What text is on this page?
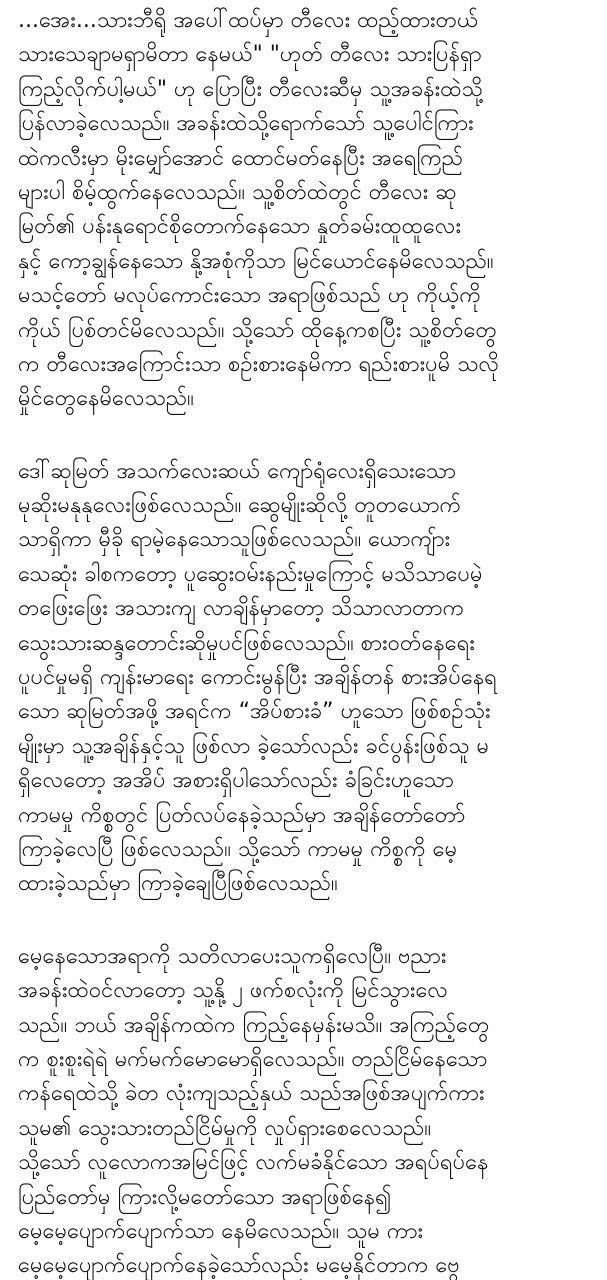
...အေး...သားဘီရို အပေါ်ထပ်မှာ တီလေး ထည့်ထားတယ်
သားသေချာမရှာမိတာ နေမယ်" "ဟုတ် တီလေး သားပြန်ရှာ
ကြည့်လိုက်ပါ့မယ်" ဟု ပြောပြီး တီလေးဆီမှ သူ့အခန်းထဲသို့
ပြန်လာခဲ့လေသည်။ အခန်းထဲသို့ရောက်သော် သူ့ပေါင်ကြား
ထဲကလီးမှာ မိုးမျှော်အောင် ထောင်မတ်နေပြီး အရေကြည်
များပါ စိမ့်ထွက်နေလေသည်။ သူ့စိတ်ထဲတွင် တီလေး ဆု
မြတ်၏ ပန်းနုရောင်စိုတောက်နေသော နှုတ်ခမ်းထူထူလေး
နှင့် ကော့ချွန်နေသော နို့အစုံကိုသာ မြင်ယောင်နေမိလေသည်။
မသင့်တော် မလုပ်ကောင်းသော အရာဖြစ်သည် ဟု ကိုယ့်ကို
ကိုယ် ပြစ်တင်မိလေသည်။ သို့သော် ထိုနေ့ကစပြီး သူ့စိတ်တွေ
က တီလေးအကြောင်းသာ စဉ်းစားနေမိကာ ရည်းစားပူမိ သလို
မှိုင်တွေနေမိလေသည်။
ဒေါ်ဆုမြတ် အသက်လေးဆယ် ကျော်ရုံလေးရှိသေးသော
မုဆိုးမနုနုလေးဖြစ်လေသည်။ ဆွေမျိုးဆိုလို့ တူတယောက်
သာရှိကာ မှီခို ရာမဲ့နေသောသူဖြစ်လေသည်။ ယောကျ်ား
သေဆုံး ခါစကတော့ ပူဆွေးဝမ်းနည်းမှုကြောင့် မသိသာပေမဲ့
တဖြေးဖြေး အသားကျ လာချိန်မှာတော့ သိသာလာတာက
သွေးသားဆန္ဒတောင်းဆိုမှုပင်ဖြစ်လေသည်။ စားဝတ်နေရေး
ပူပင်မှုမရှိ ကျန်းမာရေး ကောင်းမွန်ပြီး အချိန်တန် စားအိပ်နေရ
သော ဆုမြတ်အဖို့ အရင်က “အိပ်စားခံ” ဟူသော ဖြစ်စဉ်သုံး
မျိုးမှာ သူ့အချိန်နှင့်သူ ဖြစ်လာ ခဲ့သော်လည်း ခင်ပွန်းဖြစ်သူ မ
ရှိလေတော့ အအိပ် အစားရှိပါသော်လည်း ခံခြင်းဟူသော
ကာမမှု ကိစ္စတွင် ပြတ်လပ်နေခဲ့သည်မှာ အချိန်တော်တော်
ကြာခဲ့လေပြီ ဖြစ်လေသည်။ သို့သော် ကာမမှု ကိစ္စကို မေ့
ထားခဲ့သည်မှာ ကြာခဲ့ချေပြီဖြစ်လေသည်။
မေ့နေသောအရာကို သတိလာပေးသူကရှိလေပြီ။ ဗညား
အခန်းထဲဝင်လာတော့ သူ့နို့ ၂ ဖက်စလုံးကို မြင်သွားလေ
သည်။ ဘယ် အချိန်ကထဲက ကြည့်နေမှန်းမသိ။ အကြည့်တွေ
က စူးစူးရဲရဲ မက်မက်မောမောရှိလေသည်။ တည်ငြိမ်နေသော
ကန်ရေထဲသို့ ခဲတ လုံးကျသည့်နှယ် သည်အဖြစ်အပျက်ကား
သူမ၏ သွေးသားတည်ငြိမ်မှုကို လှုပ်ရှားစေလေသည်။
သို့သော် လူလောကအမြင်ဖြင့် လက်မခံနိုင်သော အရပ်ရပ်နေ
ပြည်တော်မှ ကြားလို့မတော်သော အရာဖြစ်နေ၍
မေ့မေ့ပျောက်ပျောက်သာ နေမိလေသည်။ သူမ ကား
မေ့မေ့ပျောက်ပျောက်နေခဲ့သော်လည်း မမေ့နိုင်တာက ဗွေ
